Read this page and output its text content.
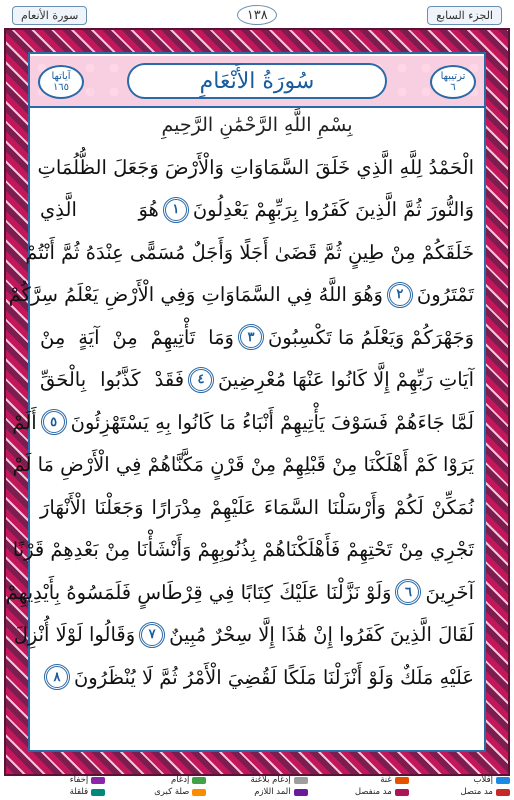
سورة الأنعام	١٣٨	الجزء السابع
ترتيبها
٦
سُورَةُ الأَنْعَامِ
آياتها
١٦٥
بِسْمِ اللَّهِ الرَّحْمَٰنِ الرَّحِيمِ
الْحَمْدُ لِلَّهِ الَّذِي خَلَقَ السَّمَاوَاتِ وَالْأَرْضَ وَجَعَلَ الظُّلُمَاتِ
وَالنُّورَ ثُمَّ الَّذِينَ كَفَرُوا بِرَبِّهِمْ يَعْدِلُونَ
١
هُوَ الَّذِي
خَلَقَكُمْ مِنْ طِينٍ ثُمَّ قَضَىٰ أَجَلًا وَأَجَلٌ مُسَمًّى عِنْدَهُ ثُمَّ أَنْتُمْ
تَمْتَرُونَ
٢
وَهُوَ اللَّهُ فِي السَّمَاوَاتِ وَفِي الْأَرْضِ يَعْلَمُ سِرَّكُمْ
وَجَهْرَكُمْ وَيَعْلَمُ مَا تَكْسِبُونَ
٣
وَمَا تَأْتِيهِمْ مِنْ آيَةٍ مِنْ
آيَاتِ رَبِّهِمْ إِلَّا كَانُوا عَنْهَا مُعْرِضِينَ
٤
فَقَدْ كَذَّبُوا بِالْحَقِّ
لَمَّا جَاءَهُمْ فَسَوْفَ يَأْتِيهِمْ أَنْبَاءُ مَا كَانُوا بِهِ يَسْتَهْزِئُونَ
٥
أَلَمْ
يَرَوْا كَمْ أَهْلَكْنَا مِنْ قَبْلِهِمْ مِنْ قَرْنٍ مَكَّنَّاهُمْ فِي الْأَرْضِ مَا لَمْ
نُمَكِّنْ لَكُمْ وَأَرْسَلْنَا السَّمَاءَ عَلَيْهِمْ مِدْرَارًا وَجَعَلْنَا الْأَنْهَارَ
تَجْرِي مِنْ تَحْتِهِمْ فَأَهْلَكْنَاهُمْ بِذُنُوبِهِمْ وَأَنْشَأْنَا مِنْ بَعْدِهِمْ قَرْنًا
آخَرِينَ
٦
وَلَوْ نَزَّلْنَا عَلَيْكَ كِتَابًا فِي قِرْطَاسٍ فَلَمَسُوهُ بِأَيْدِيهِمْ
لَقَالَ الَّذِينَ كَفَرُوا إِنْ هَٰذَا إِلَّا سِحْرٌ مُبِينٌ
٧
وَقَالُوا لَوْلَا أُنْزِلَ
عَلَيْهِ مَلَكٌ وَلَوْ أَنْزَلْنَا مَلَكًا لَقُضِيَ الْأَمْرُ ثُمَّ لَا يُنْظَرُونَ
٨
إقلاب
غنة
إدغام بلاغنة
إدغام
إخفاء
مد متصل
مد منفصل
المد اللازم
صلة كبرى
قلقلة
